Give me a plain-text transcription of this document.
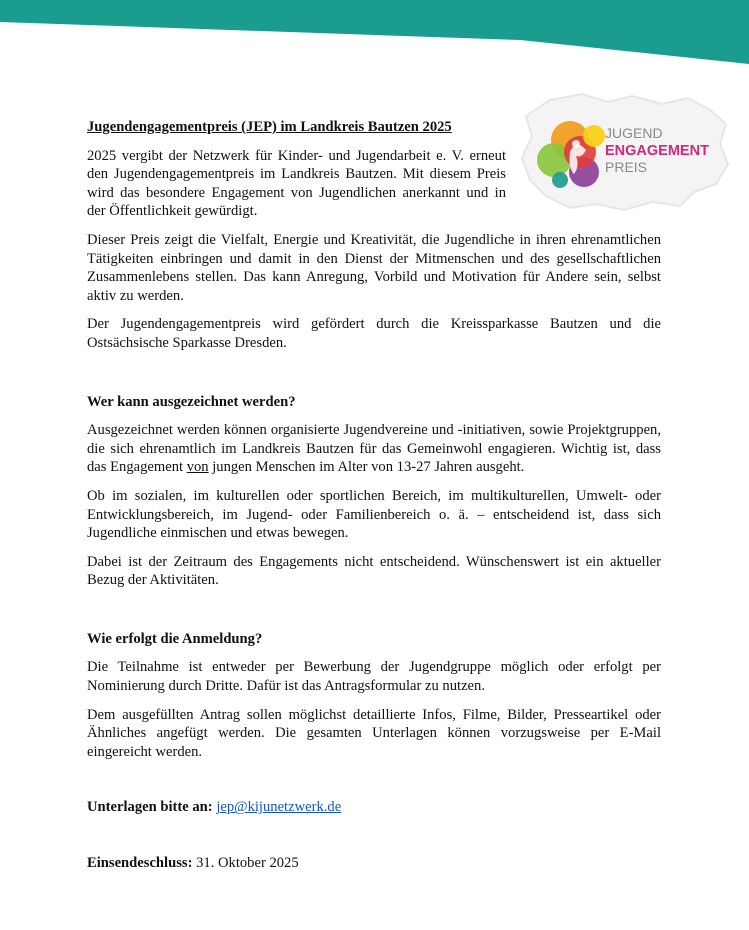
JUGEND
ENGAGEMENT
PREIS

Jugendengagementpreis (JEP) im Landkreis Bautzen 2025

2025 vergibt der Netzwerk für Kinder- und Jugendarbeit e. V. erneut den Jugendengagementpreis im Landkreis Bautzen. Mit diesem Preis wird das besondere Engagement von Jugendlichen anerkannt und in der Öffentlichkeit gewürdigt.

Dieser Preis zeigt die Vielfalt, Energie und Kreativität, die Jugendliche in ihren ehrenamtlichen Tätigkeiten einbringen und damit in den Dienst der Mitmenschen und des gesellschaftlichen Zusammenlebens stellen. Das kann Anregung, Vorbild und Motivation für Andere sein, selbst aktiv zu werden.

Der Jugendengagementpreis wird gefördert durch die Kreissparkasse Bautzen und die Ostsächsische Sparkasse Dresden.

Wer kann ausgezeichnet werden?

Ausgezeichnet werden können organisierte Jugendvereine und -initiativen, sowie Projektgruppen, die sich ehrenamtlich im Landkreis Bautzen für das Gemeinwohl engagieren. Wichtig ist, dass das Engagement von jungen Menschen im Alter von 13-27 Jahren ausgeht.

Ob im sozialen, im kulturellen oder sportlichen Bereich, im multikulturellen, Umwelt- oder Entwicklungsbereich, im Jugend- oder Familienbereich o. ä. – entscheidend ist, dass sich Jugendliche einmischen und etwas bewegen.

Dabei ist der Zeitraum des Engagements nicht entscheidend. Wünschenswert ist ein aktueller Bezug der Aktivitäten.

Wie erfolgt die Anmeldung?

Die Teilnahme ist entweder per Bewerbung der Jugendgruppe möglich oder erfolgt per Nominierung durch Dritte. Dafür ist das Antragsformular zu nutzen.

Dem ausgefüllten Antrag sollen möglichst detaillierte Infos, Filme, Bilder, Presseartikel oder Ähnliches angefügt werden. Die gesamten Unterlagen können vorzugsweise per E-Mail eingereicht werden.

Unterlagen bitte an: jep@kijunetzwerk.de

Einsendeschluss: 31. Oktober 2025
